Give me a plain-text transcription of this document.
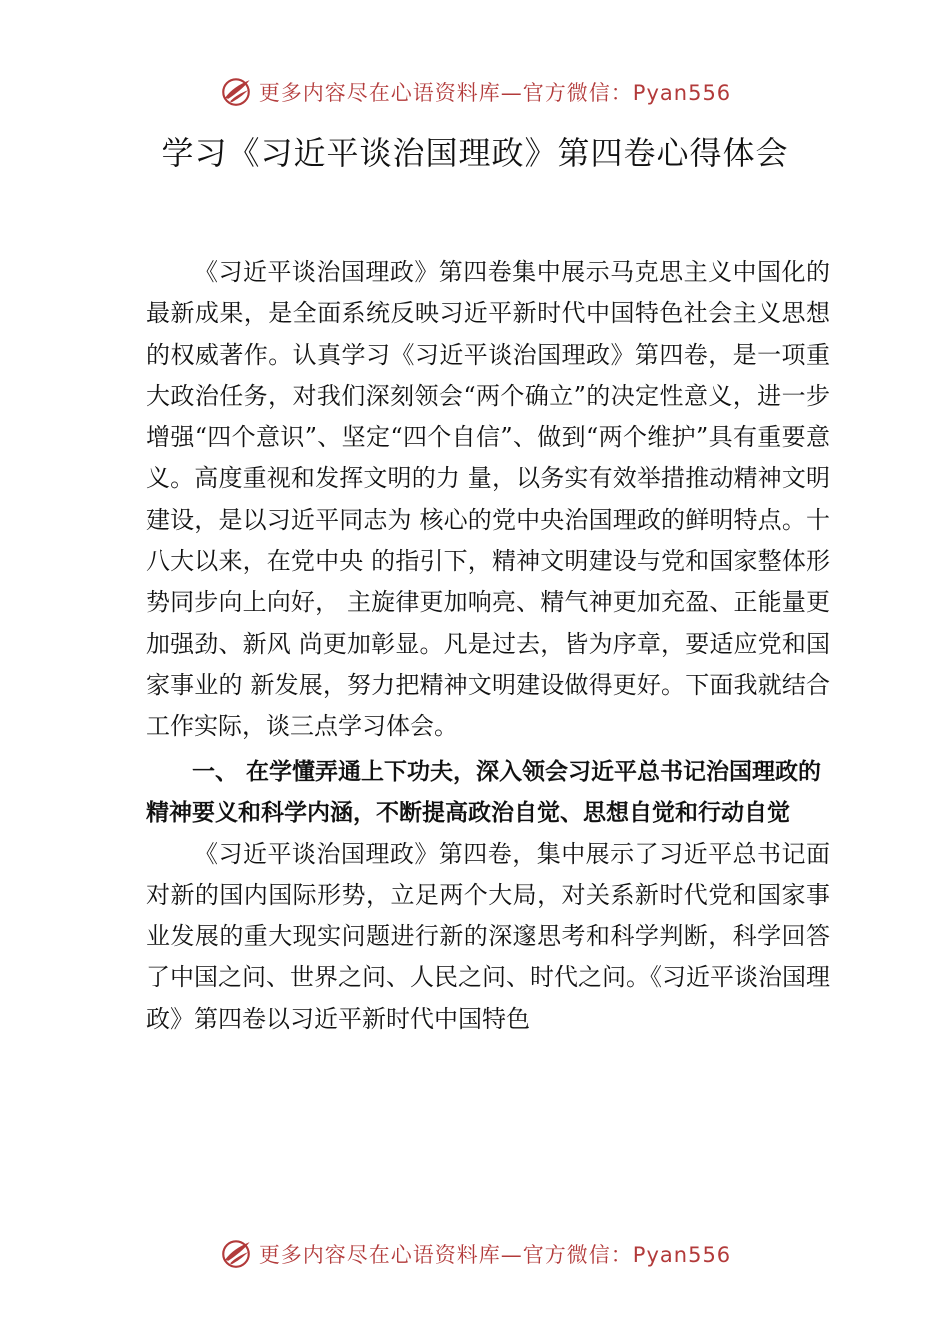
更多内容尽在心语资料库—官方微信：Pyan556
学习《习近平谈治国理政》第四卷心得体会

《习近平谈治国理政》第四卷集中展示马克思主义中国化的最新成果，是全面系统反映习近平新时代中国特色社会主义思想的权威著作。认真学习《习近平谈治国理政》第四卷，是一项重大政治任务，对我们深刻领会“两个确立”的决定性意义，进一步增强“四个意识”、坚定“四个自信”、做到“两个维护”具有重要意义。高度重视和发挥文明的力 量，以务实有效举措推动精神文明建设，是以习近平同志为 核心的党中央治国理政的鲜明特点。十八大以来，在党中央 的指引下，精神文明建设与党和国家整体形势同步向上向好， 主旋律更加响亮、精气神更加充盈、正能量更加强劲、新风 尚更加彰显。凡是过去，皆为序章，要适应党和国家事业的 新发展，努力把精神文明建设做得更好。下面我就结合工作实际，谈三点学习体会。

一、 在学懂弄通上下功夫，深入领会习近平总书记治国理政的精神要义和科学内涵，不断提高政治自觉、思想自觉和行动自觉

《习近平谈治国理政》第四卷，集中展示了习近平总书记面对新的国内国际形势，立足两个大局，对关系新时代党和国家事业发展的重大现实问题进行新的深邃思考和科学判断，科学回答了中国之问、世界之问、人民之问、时代之问。《习近平谈治国理政》第四卷以习近平新时代中国特色

更多内容尽在心语资料库—官方微信：Pyan556
